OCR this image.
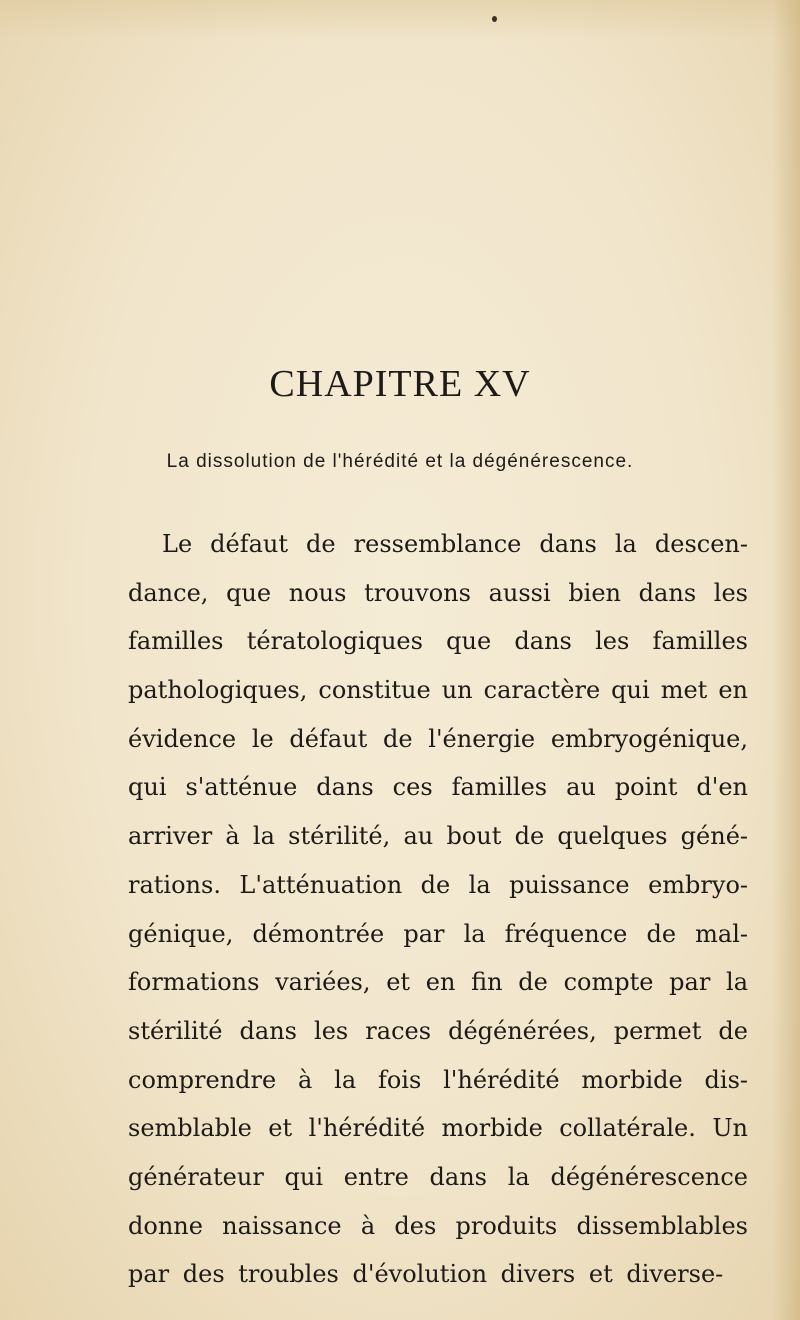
CHAPITRE XV

La dissolution de l'hérédité et la dégénérescence.

Le défaut de ressemblance dans la descen-
dance, que nous trouvons aussi bien dans les
familles tératologiques que dans les familles
pathologiques, constitue un caractère qui met en
évidence le défaut de l'énergie embryogénique,
qui s'atténue dans ces familles au point d'en
arriver à la stérilité, au bout de quelques géné-
rations. L'atténuation de la puissance embryo-
génique, démontrée par la fréquence de mal-
formations variées, et en fin de compte par la
stérilité dans les races dégénérées, permet de
comprendre à la fois l'hérédité morbide dis-
semblable et l'hérédité morbide collatérale. Un
générateur qui entre dans la dégénérescence
donne naissance à des produits dissemblables
par des troubles d'évolution divers et diverse-
